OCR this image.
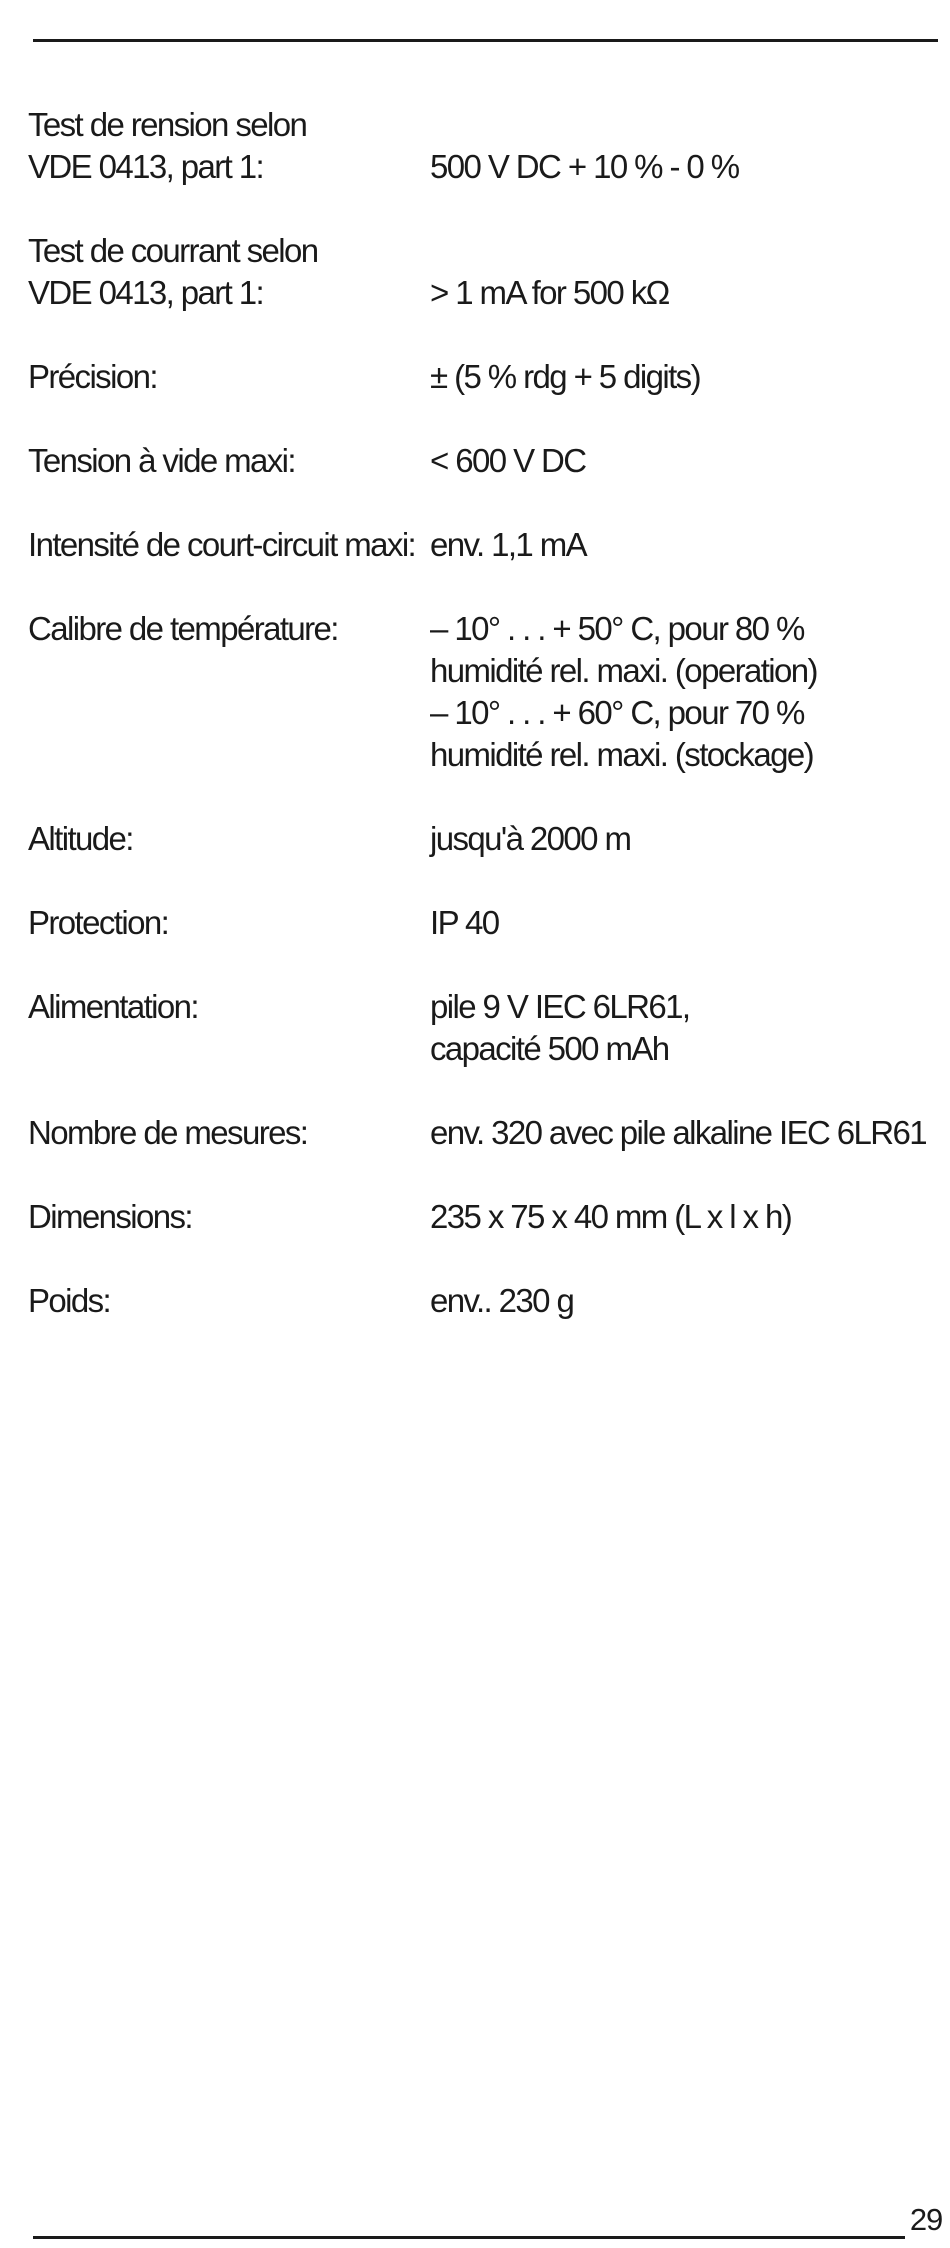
Test de rension selon
VDE 0413, part 1:	500 V DC + 10 % - 0 %
Test de courrant selon
VDE 0413, part 1:	> 1 mA for 500 kΩ
Précision:	± (5 % rdg + 5 digits)
Tension à vide maxi:	< 600 V DC
Intensité de court-circuit maxi: env. 1,1 mA
Calibre de température:	– 10° . . . + 50° C, pour 80 %
humidité rel. maxi. (operation)
– 10° . . . + 60° C, pour 70 %
humidité rel. maxi. (stockage)
Altitude:	jusqu'à 2000 m
Protection:	IP 40
Alimentation:	pile 9 V IEC 6LR61,
capacité 500 mAh
Nombre de mesures:	env. 320 avec pile alkaline IEC 6LR61
Dimensions:	235 x 75 x 40 mm (L x l x h)
Poids:	env.. 230 g
29
